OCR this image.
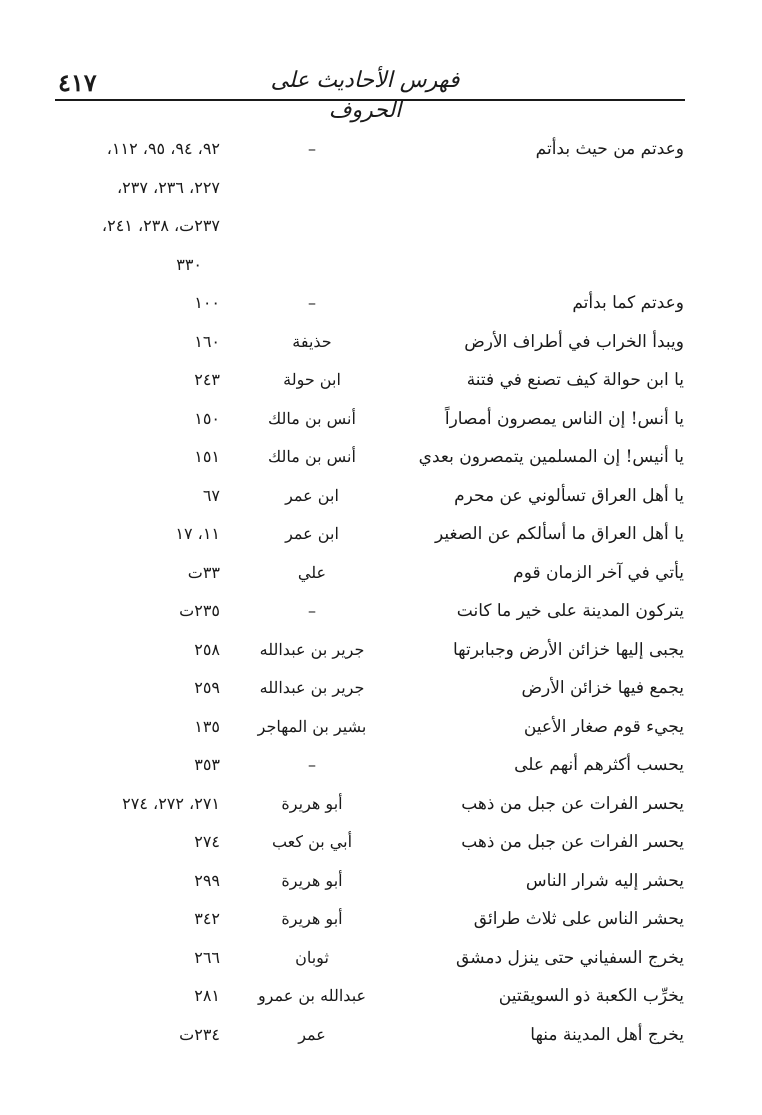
٤١٧	فهرس الأحاديث على الحروف
وعدتم من حيث بدأتم
–
٩٢، ٩٤، ٩٥، ١١٢،
٢٢٧، ٢٣٦، ٢٣٧،
٢٣٧ت، ٢٣٨، ٢٤١،
٣٣٠
وعدتم كما بدأتم
–
١٠٠
ويبدأ الخراب في أطراف الأرض
حذيفة
١٦٠
يا ابن حوالة كيف تصنع في فتنة
ابن حولة
٢٤٣
يا أنس! إن الناس يمصرون أمصاراً
أنس بن مالك
١٥٠
يا أنيس! إن المسلمين يتمصرون بعدي
أنس بن مالك
١٥١
يا أهل العراق تسألوني عن محرم
ابن عمر
٦٧
يا أهل العراق ما أسألكم عن الصغير
ابن عمر
١١، ١٧
يأتي في آخر الزمان قوم
علي
٣٣ت
يتركون المدينة على خير ما كانت
–
٢٣٥ت
يجبى إليها خزائن الأرض وجبابرتها
جرير بن عبدالله
٢٥٨
يجمع فيها خزائن الأرض
جرير بن عبدالله
٢٥٩
يجيء قوم صغار الأعين
بشير بن المهاجر
١٣٥
يحسب أكثرهم أنهم على
–
٣٥٣
يحسر الفرات عن جبل من ذهب
أبو هريرة
٢٧١، ٢٧٢، ٢٧٤
يحسر الفرات عن جبل من ذهب
أبي بن كعب
٢٧٤
يحشر إليه شرار الناس
أبو هريرة
٢٩٩
يحشر الناس على ثلاث طرائق
أبو هريرة
٣٤٢
يخرج السفياني حتى ينزل دمشق
ثوبان
٢٦٦
يخرِّب الكعبة ذو السويقتين
عبدالله بن عمرو
٢٨١
يخرج أهل المدينة منها
عمر
٢٣٤ت
